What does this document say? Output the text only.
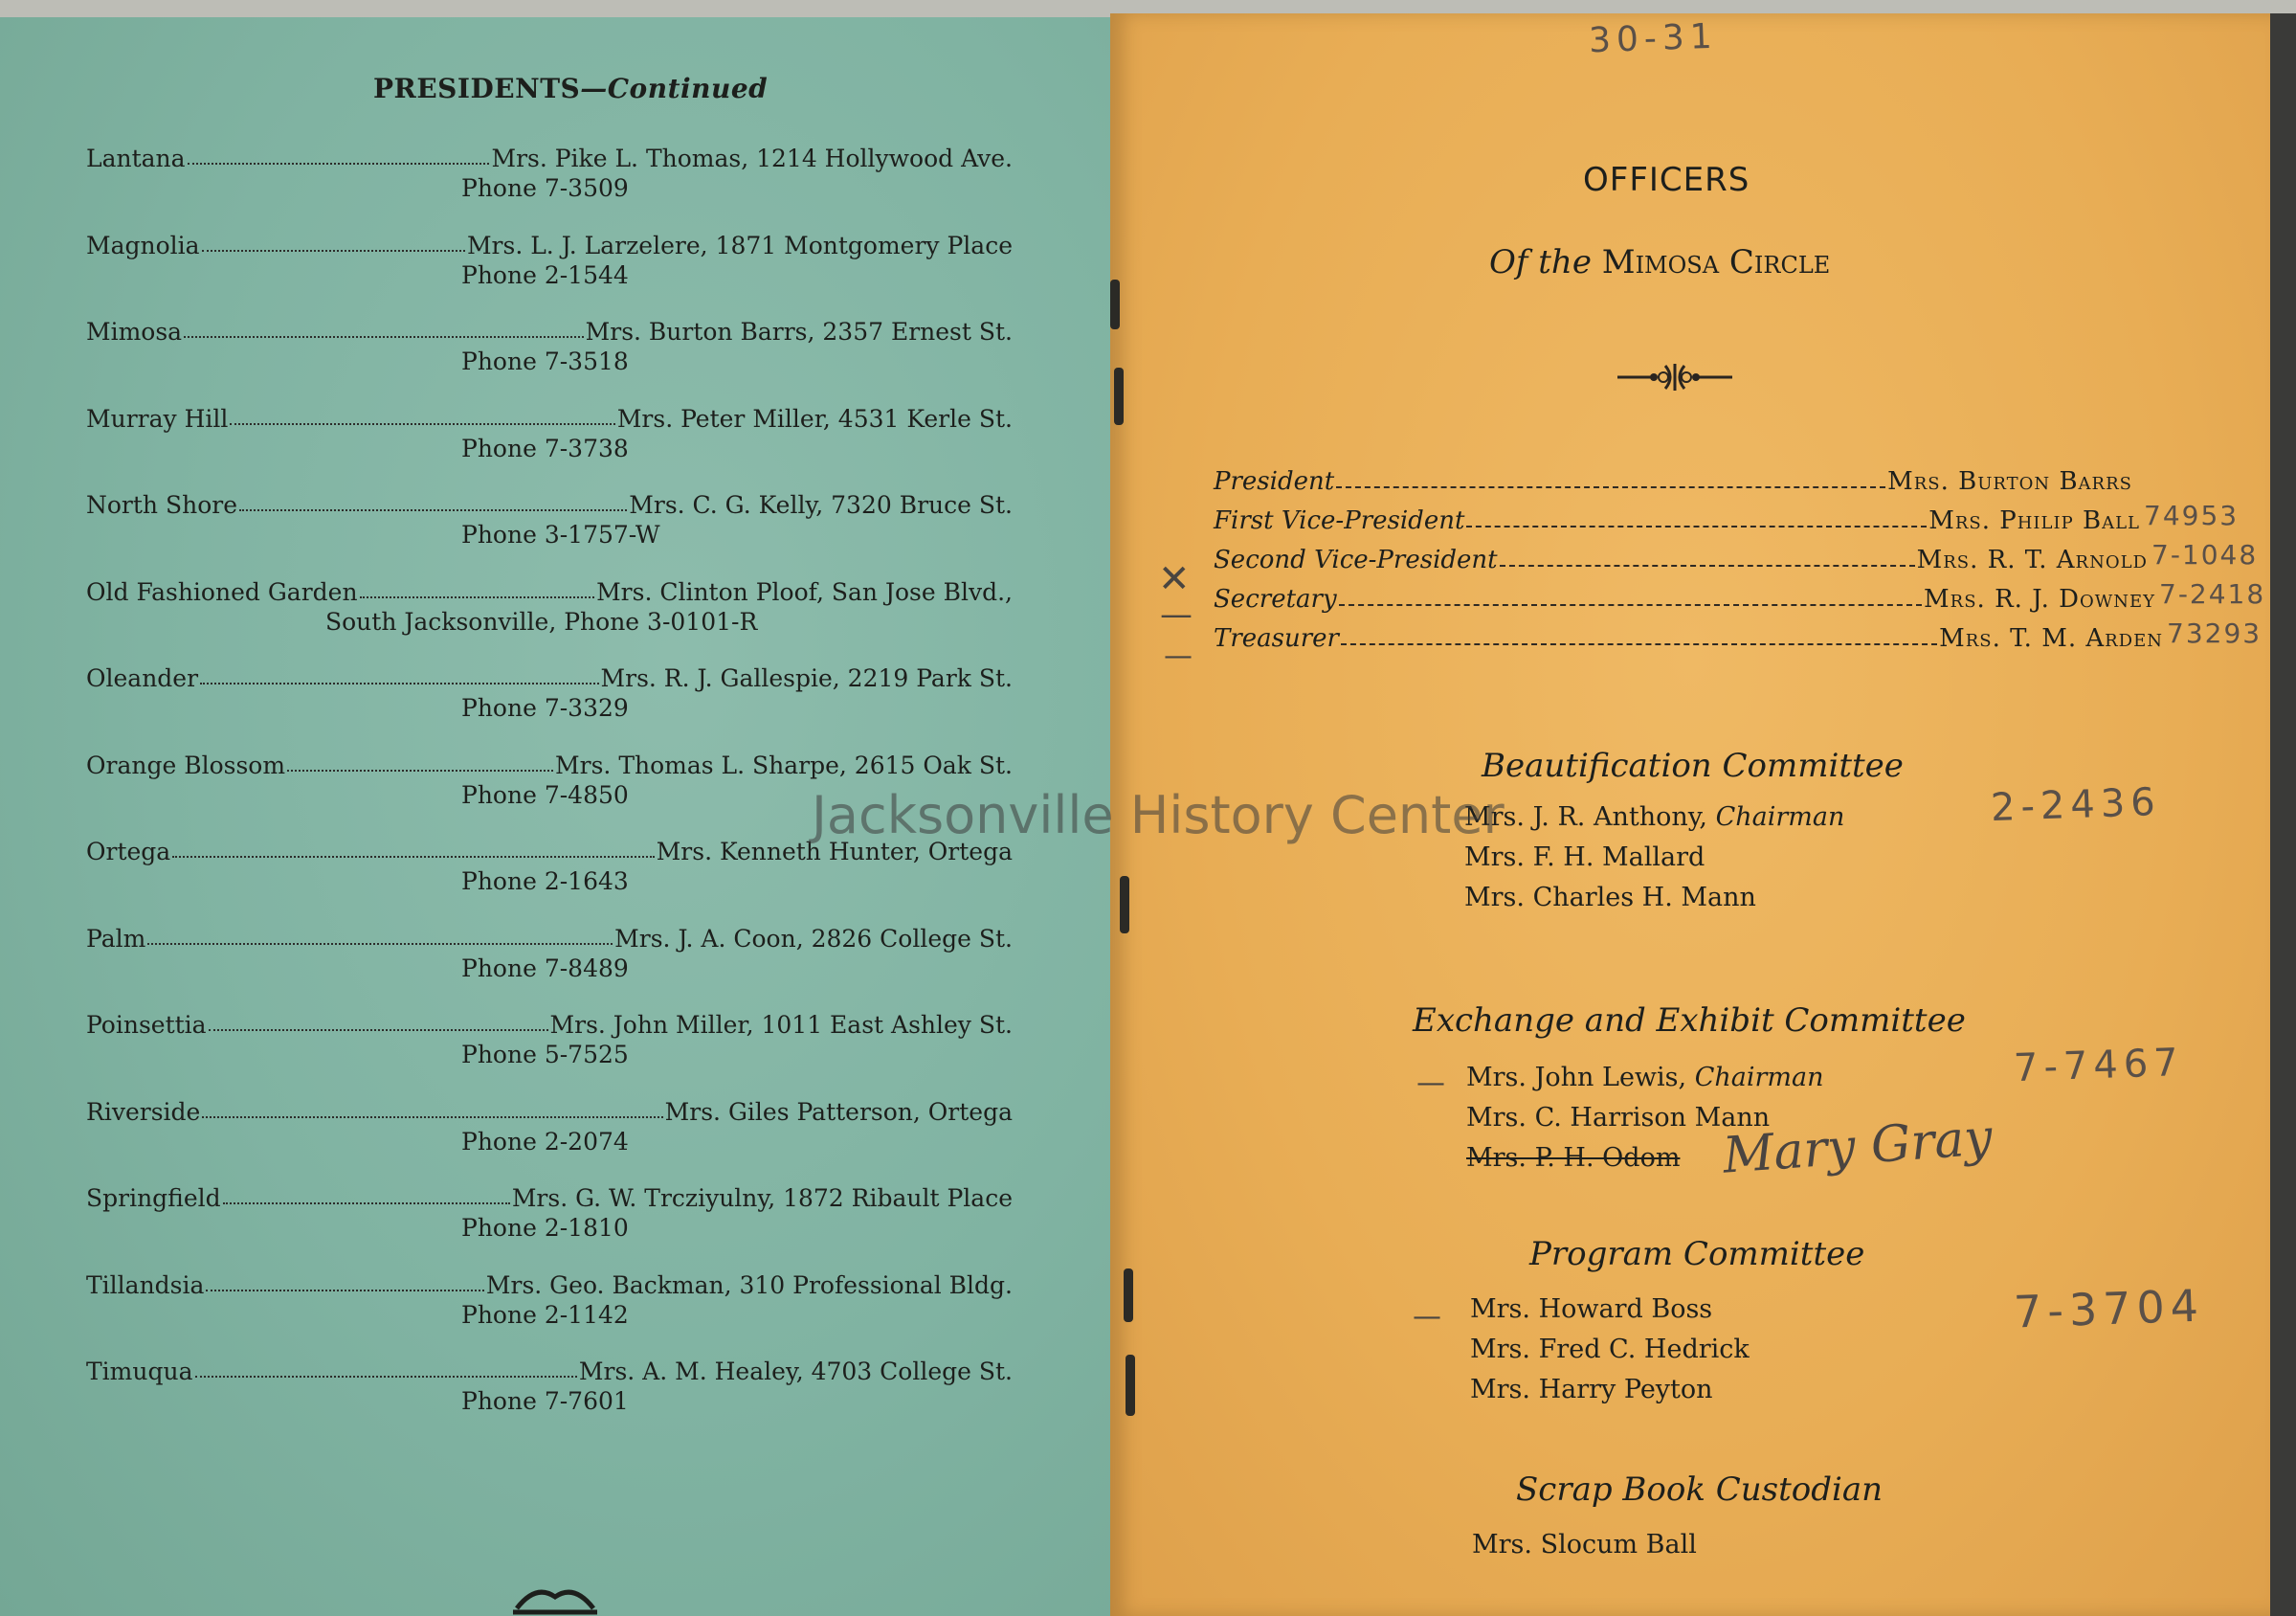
PRESIDENTS—Continued
Lantana	Mrs. Pike L. Thomas, 1214 Hollywood Ave.
Phone 7-3509
Magnolia	Mrs. L. J. Larzelere, 1871 Montgomery Place
Phone 2-1544
Mimosa	Mrs. Burton Barrs, 2357 Ernest St.
Phone 7-3518
Murray Hill	Mrs. Peter Miller, 4531 Kerle St.
Phone 7-3738
North Shore	Mrs. C. G. Kelly, 7320 Bruce St.
Phone 3-1757-W
Old Fashioned Garden	Mrs. Clinton Ploof, San Jose Blvd.,
South Jacksonville, Phone 3-0101-R
Oleander	Mrs. R. J. Gallespie, 2219 Park St.
Phone 7-3329
Orange Blossom	Mrs. Thomas L. Sharpe, 2615 Oak St.
Phone 7-4850
Ortega	Mrs. Kenneth Hunter, Ortega
Phone 2-1643
Palm	Mrs. J. A. Coon, 2826 College St.
Phone 7-8489
Poinsettia	Mrs. John Miller, 1011 East Ashley St.
Phone 5-7525
Riverside	Mrs. Giles Patterson, Ortega
Phone 2-2074
Springfield	Mrs. G. W. Trcziyulny, 1872 Ribault Place
Phone 2-1810
Tillandsia	Mrs. Geo. Backman, 310 Professional Bldg.
Phone 2-1142
Timuqua	Mrs. A. M. Healey, 4703 College St.
Phone 7-7601
30-31
OFFICERS
Of the Mimosa Circle
President	Mrs. Burton Barrs
First Vice-President	Mrs. Philip Ball 74953
Second Vice-President	Mrs. R. T. Arnold 7-1048
Secretary	Mrs. R. J. Downey 7-2418
Treasurer	Mrs. T. M. Arden 73293
✕
—
—
Beautification Committee
Mrs. J. R. Anthony, Chairman
Mrs. F. H. Mallard
Mrs. Charles H. Mann
2-2436
Exchange and Exhibit Committee
— Mrs. John Lewis, Chairman
Mrs. C. Harrison Mann
Mrs. P. H. Odom Mary Gray
7-7467
Program Committee
— Mrs. Howard Boss
Mrs. Fred C. Hedrick
Mrs. Harry Peyton
7-3704
Scrap Book Custodian
Mrs. Slocum Ball
Jacksonville History Center
